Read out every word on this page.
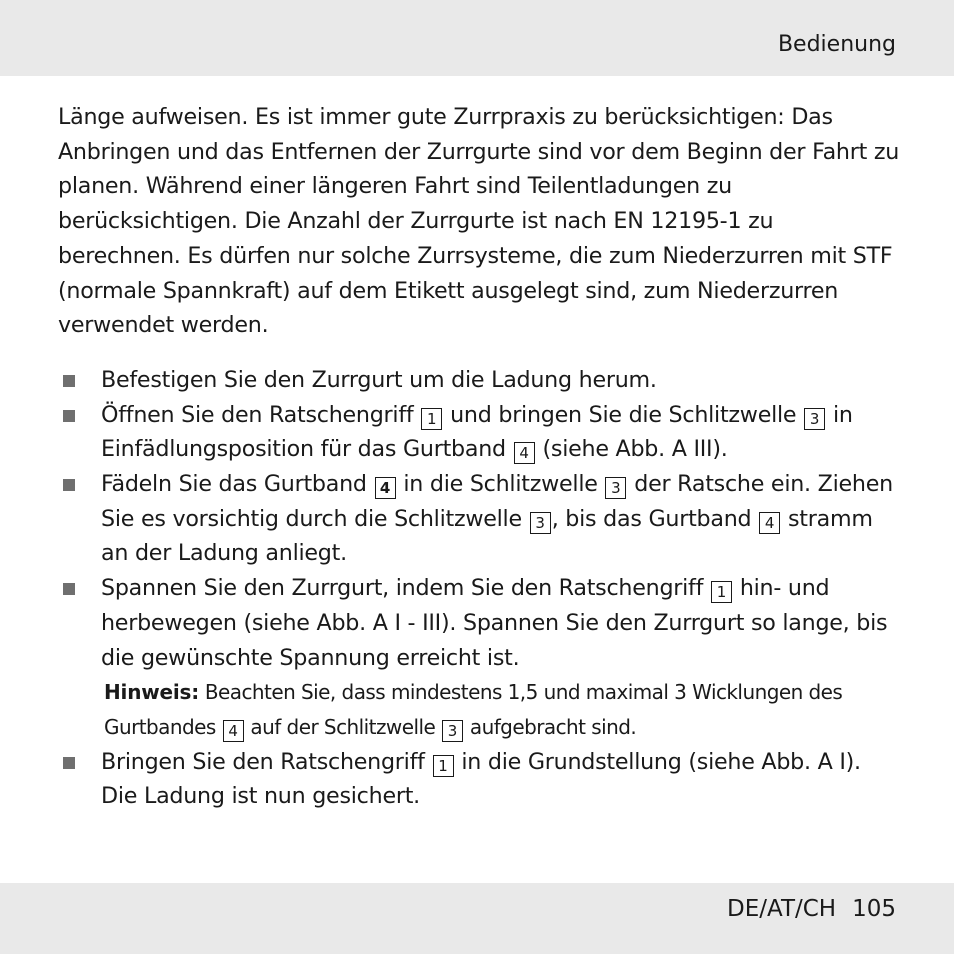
Bedienung

Länge aufweisen. Es ist immer gute Zurrpraxis zu berücksichtigen: Das Anbringen und das Entfernen der Zurrgurte sind vor dem Beginn der Fahrt zu planen. Während einer längeren Fahrt sind Teilentladungen zu berücksichtigen. Die Anzahl der Zurrgurte ist nach EN 12195-1 zu berechnen. Es dürfen nur solche Zurrsysteme, die zum Niederzurren mit STF (normale Spannkraft) auf dem Etikett ausgelegt sind, zum Niederzurren verwendet werden.

Befestigen Sie den Zurrgurt um die Ladung herum.
Öffnen Sie den Ratschengriff 1 und bringen Sie die Schlitzwelle 3 in Einfädlungsposition für das Gurtband 4 (siehe Abb. A III).
Fädeln Sie das Gurtband 4 in die Schlitzwelle 3 der Ratsche ein. Ziehen Sie es vorsichtig durch die Schlitzwelle 3 , bis das Gurtband 4 stramm an der Ladung anliegt.
Spannen Sie den Zurrgurt, indem Sie den Ratschengriff 1 hin- und herbewegen (siehe Abb. A I - III). Spannen Sie den Zurrgurt so lange, bis die gewünschte Spannung erreicht ist.
Hinweis: Beachten Sie, dass mindestens 1,5 und maximal 3 Wicklungen des Gurtbandes 4 auf der Schlitzwelle 3 aufgebracht sind.
Bringen Sie den Ratschengriff 1 in die Grundstellung (siehe Abb. A I). Die Ladung ist nun gesichert.
DE/AT/CH 105
